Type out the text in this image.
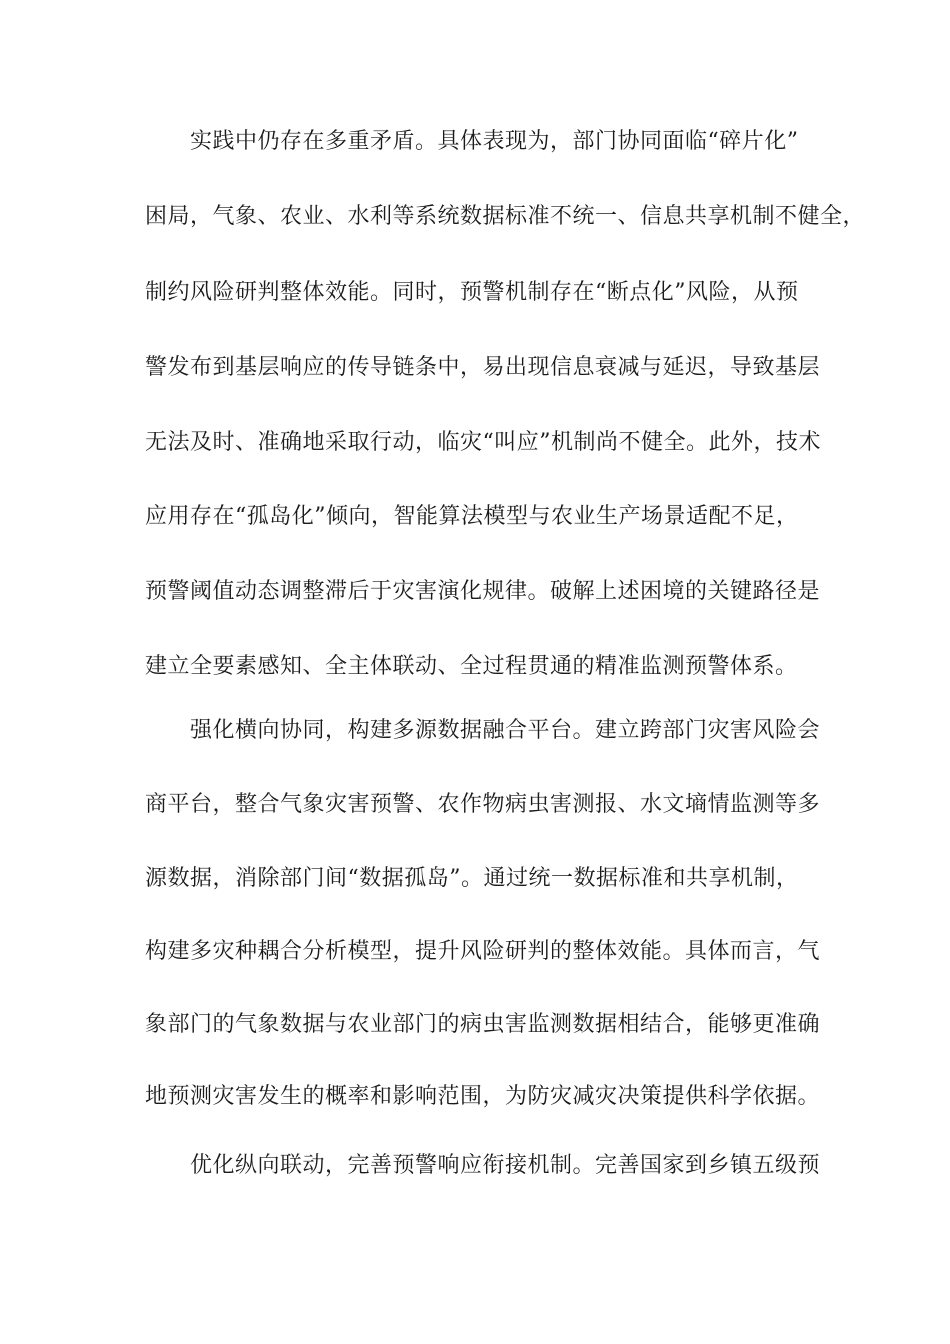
实践中仍存在多重矛盾。具体表现为，部门协同面临“碎片化”
困局，气象、农业、水利等系统数据标准不统一、信息共享机制不健全，
制约风险研判整体效能。同时，预警机制存在“断点化”风险，从预
警发布到基层响应的传导链条中，易出现信息衰减与延迟，导致基层
无法及时、准确地采取行动，临灾“叫应”机制尚不健全。此外，技术
应用存在“孤岛化”倾向，智能算法模型与农业生产场景适配不足，
预警阈值动态调整滞后于灾害演化规律。破解上述困境的关键路径是
建立全要素感知、全主体联动、全过程贯通的精准监测预警体系。
强化横向协同，构建多源数据融合平台。建立跨部门灾害风险会
商平台，整合气象灾害预警、农作物病虫害测报、水文墒情监测等多
源数据，消除部门间“数据孤岛”。通过统一数据标准和共享机制，
构建多灾种耦合分析模型，提升风险研判的整体效能。具体而言，气
象部门的气象数据与农业部门的病虫害监测数据相结合，能够更准确
地预测灾害发生的概率和影响范围，为防灾减灾决策提供科学依据。
优化纵向联动，完善预警响应衔接机制。完善国家到乡镇五级预
